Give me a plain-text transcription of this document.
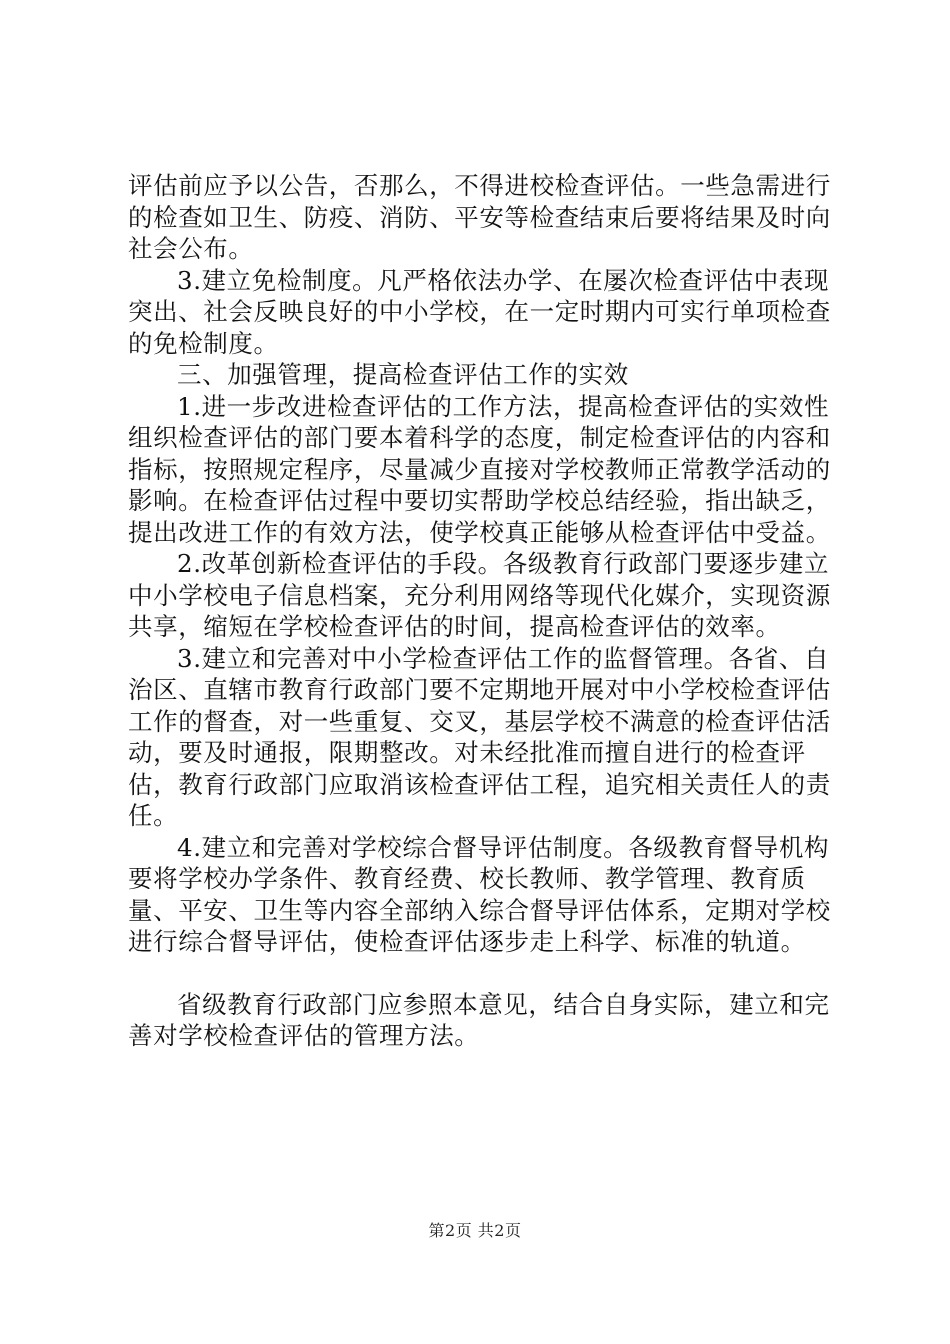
评估前应予以公告，否那么，不得进校检查评估。一些急需进行的检查如卫生、防疫、消防、平安等检查结束后要将结果及时向社会公布。

3.建立免检制度。凡严格依法办学、在屡次检查评估中表现突出、社会反映良好的中小学校，在一定时期内可实行单项检查的免检制度。

三、加强管理，提高检查评估工作的实效

1.进一步改进检查评估的工作方法，提高检查评估的实效性组织检查评估的部门要本着科学的态度，制定检查评估的内容和指标，按照规定程序，尽量减少直接对学校教师正常教学活动的影响。在检查评估过程中要切实帮助学校总结经验，指出缺乏，提出改进工作的有效方法，使学校真正能够从检查评估中受益。

2.改革创新检查评估的手段。各级教育行政部门要逐步建立中小学校电子信息档案，充分利用网络等现代化媒介，实现资源共享，缩短在学校检查评估的时间，提高检查评估的效率。

3.建立和完善对中小学检查评估工作的监督管理。各省、自治区、直辖市教育行政部门要不定期地开展对中小学校检查评估工作的督查，对一些重复、交叉，基层学校不满意的检查评估活动，要及时通报，限期整改。对未经批准而擅自进行的检查评估，教育行政部门应取消该检查评估工程，追究相关责任人的责任。

4.建立和完善对学校综合督导评估制度。各级教育督导机构要将学校办学条件、教育经费、校长教师、教学管理、教育质量、平安、卫生等内容全部纳入综合督导评估体系，定期对学校进行综合督导评估，使检查评估逐步走上科学、标准的轨道。

省级教育行政部门应参照本意见，结合自身实际，建立和完善对学校检查评估的管理方法。

第2页 共2页
